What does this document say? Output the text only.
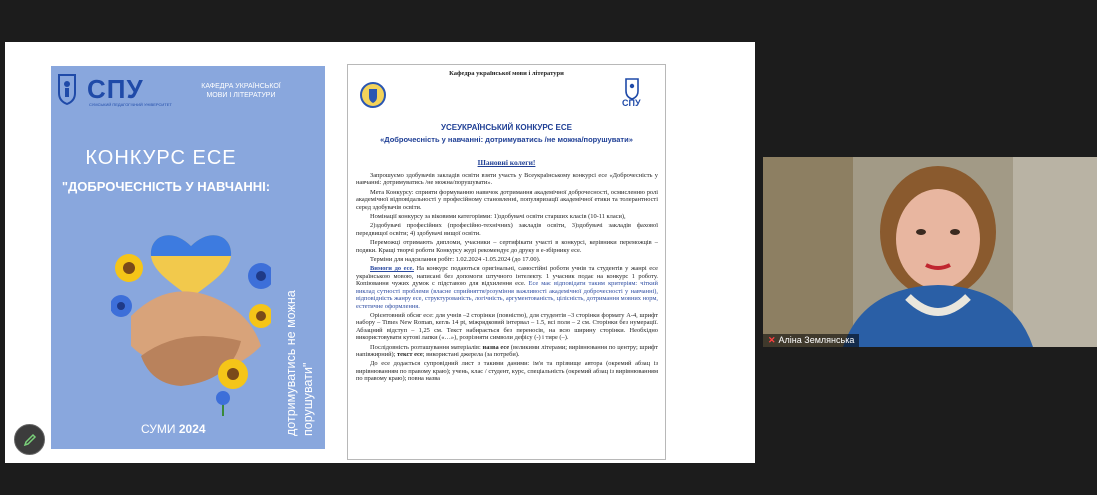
СПУ
СУМСЬКИЙ ПЕДАГОГІЧНИЙ УНІВЕРСИТЕТ
КАФЕДРА УКРАЇНСЬКОЇ МОВИ І ЛІТЕРАТУРИ
КОНКУРС ЕСЕ
"ДОБРОЧЕСНІСТЬ У НАВЧАННІ:
дотримуватись не можна порушувати"
СУМИ 2024
Кафедра української мови і літератури
СПУ
УСЕУКРАЇНСЬКИЙ КОНКУРС ЕСЕ
«Доброчесність у навчанні: дотримуватись /не можна/порушувати»
Шановні колеги!

Запрошуємо здобувачів закладів освіти взяти участь у Всеукраїнському конкурсі есе «Доброчесність у навчанні: дотримуватись /не можна/порушувати».

Мета Конкурсу: сприяти формуванню навичок дотримання академічної доброчесності, осмисленню ролі академічної відповідальності у професійному становленні, популяризації академічної етики та толерантності серед здобувачів освіти.

Номінації конкурсу за віковими категоріями: 1)здобувачі освіти старших класів (10-11 класи),

2)здобувачі професійних (професійно-технічних) закладів освіти, 3)здобувачі закладів фахової передвищої освіти; 4) здобувачі вищої освіти.

Переможці отримають дипломи, учасники – сертифікати участі в конкурсі, керівники переможців – подяки. Кращі творчі роботи Конкурсу журі рекомендує до друку в е-збірнику есе.

Терміни для надсилання робіт: 1.02.2024 -1.05.2024 (до 17.00).

Вимоги до есе. На конкурс подаються оригінальні, самостійні роботи учнів та студентів у жанрі есе українською мовою, написані без допомоги штучного інтелекту. 1 учасник подає на конкурс 1 роботу. Копіювання чужих думок с підставою для відхилення есе. Есе має відповідати таким критеріям: чіткий виклад сутності проблеми (власне сприйняття/розуміння важливості академічної доброчесності у навчанні), відповідність жанру есе, структурованість, логічність, аргументованість, цілісність, дотримання мовних норм, естетичне оформлення.

Орієнтовний обсяг есе: для учнів –2 сторінки (повністю), для студентів –3 сторінки формату А-4, шрифт набору – Times New Roman, кегль 14 pt, міжрядковий інтервал – 1.5, всі поля – 2 см. Сторінки без нумерації. Абзацний відступ – 1,25 см. Текст набирається без переносів, на всю ширину сторінки. Необхідно використовувати кутові лапки («…»), розрізняти символи дефісу (-) і тире (–).

Послідовність розташування матеріалів: назва есе (великими літерами; вирівнювання по центру; шрифт напівжирний); текст есе; використані джерела (за потреби).

До есе додається супровідний лист з такими даними: ім'я та прізвище автора (окремий абзац із вирівнюванням по правому краю); учень, клас / студент, курс, спеціальність (окремий абзац із вирівнюванням по правому краю); повна назва

✕ Аліна Землянська
